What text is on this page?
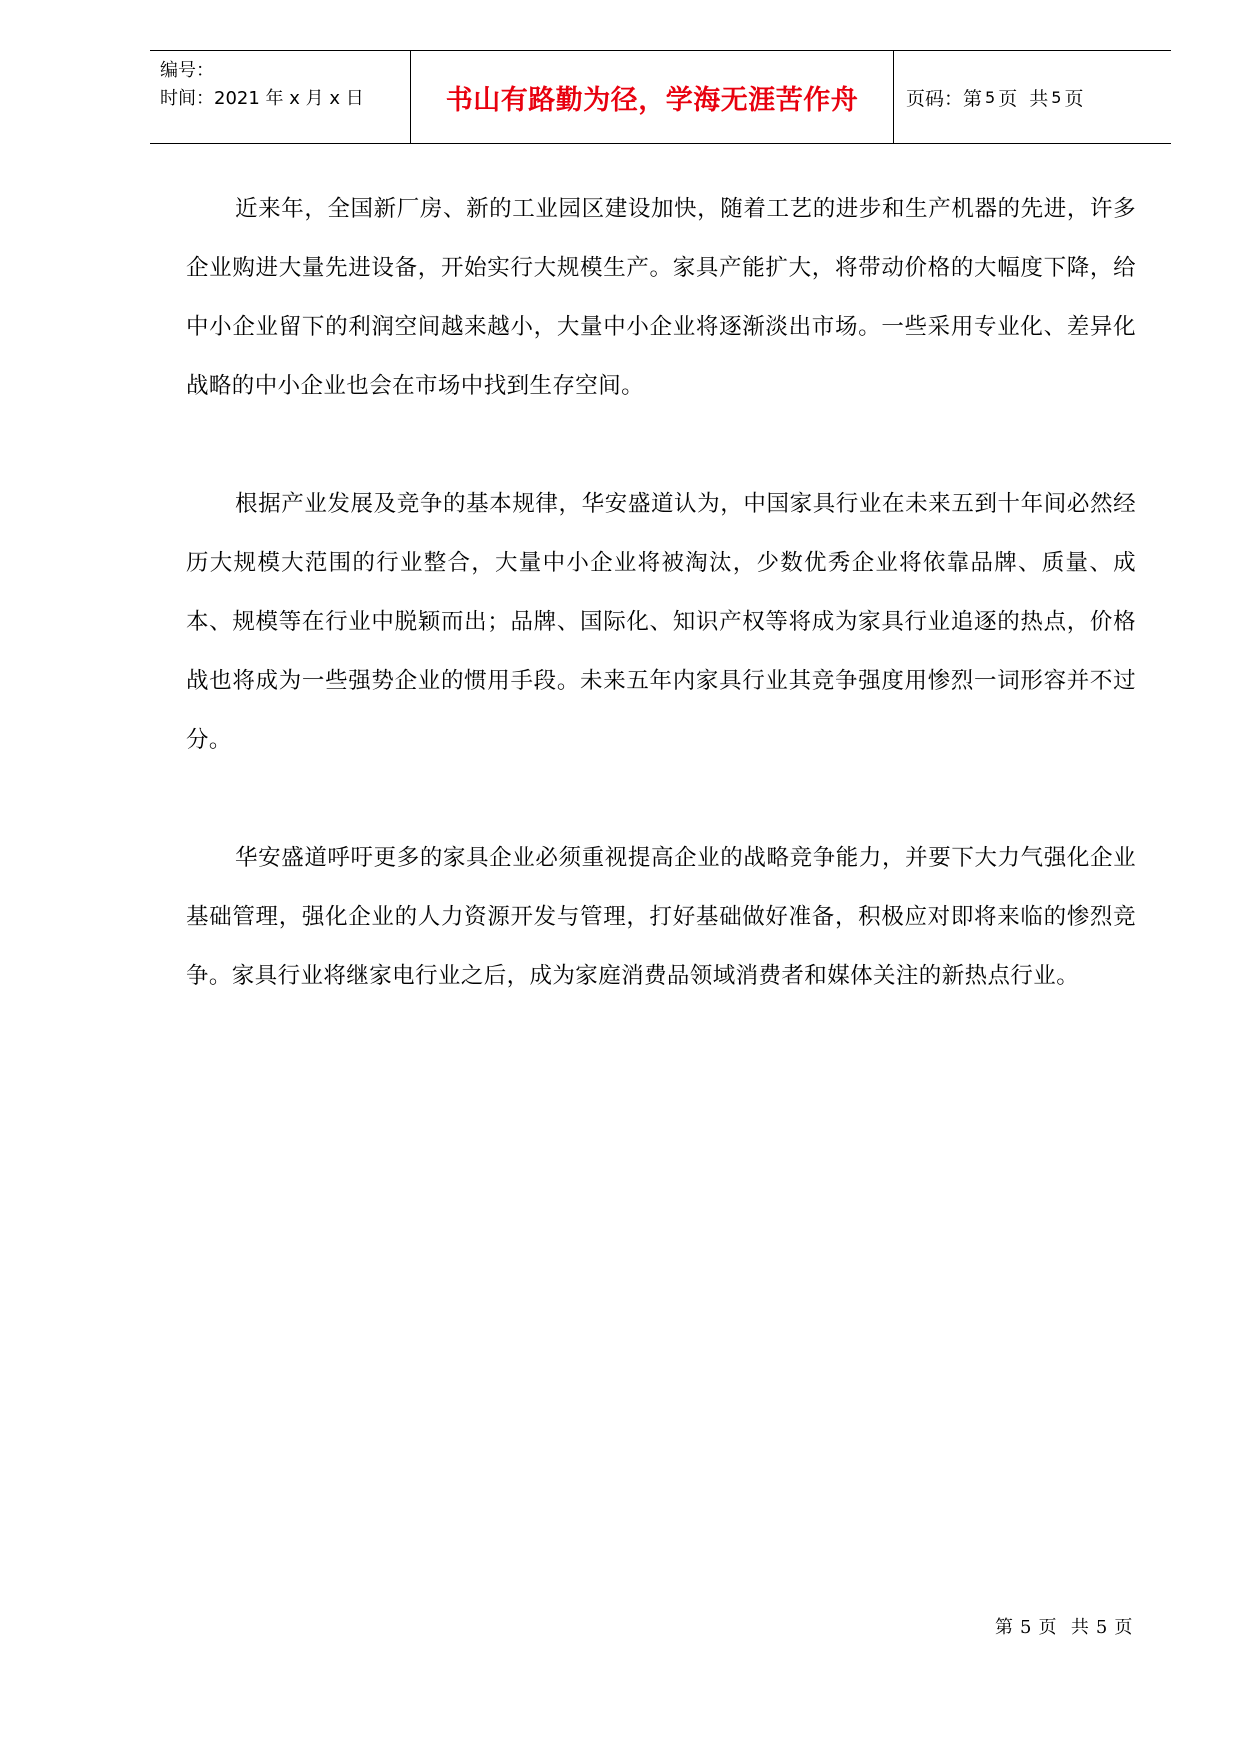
编号：
时间：2021 年 x 月 x 日	书山有路勤为径，学海无涯苦作舟	页码：第 5 页  共 5 页

近来年，全国新厂房、新的工业园区建设加快，随着工艺的进步和生产机器的先进，许多企业购进大量先进设备，开始实行大规模生产。家具产能扩大，将带动价格的大幅度下降，给中小企业留下的利润空间越来越小，大量中小企业将逐渐淡出市场。一些采用专业化、差异化战略的中小企业也会在市场中找到生存空间。

根据产业发展及竞争的基本规律，华安盛道认为，中国家具行业在未来五到十年间必然经历大规模大范围的行业整合，大量中小企业将被淘汰，少数优秀企业将依靠品牌、质量、成本、规模等在行业中脱颖而出；品牌、国际化、知识产权等将成为家具行业追逐的热点，价格战也将成为一些强势企业的惯用手段。未来五年内家具行业其竞争强度用惨烈一词形容并不过分。

华安盛道呼吁更多的家具企业必须重视提高企业的战略竞争能力，并要下大力气强化企业基础管理，强化企业的人力资源开发与管理，打好基础做好准备，积极应对即将来临的惨烈竞争。家具行业将继家电行业之后，成为家庭消费品领域消费者和媒体关注的新热点行业。

第 5 页  共 5 页
